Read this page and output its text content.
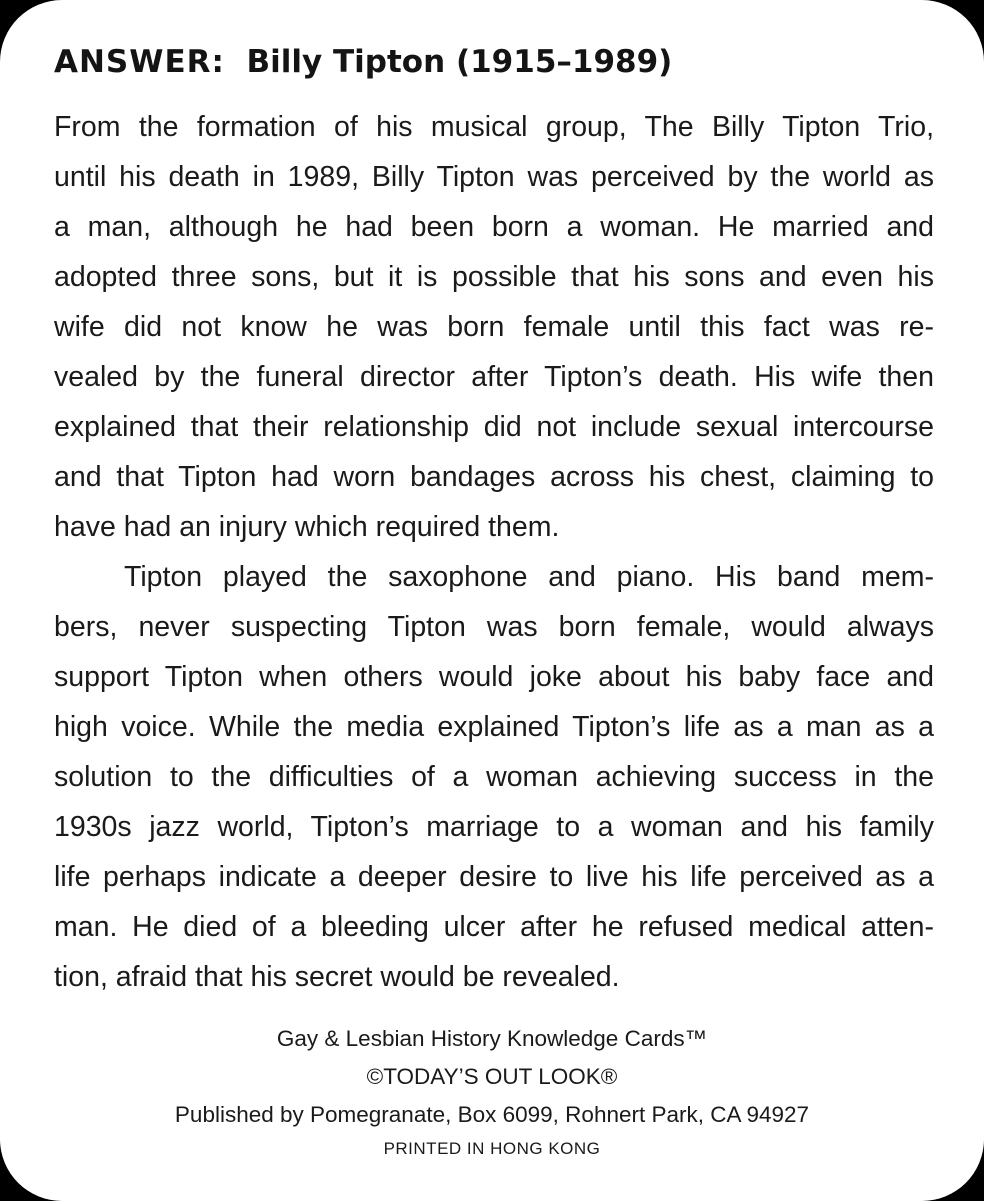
ANSWER: Billy Tipton (1915–1989)
From the formation of his musical group, The Billy Tipton Trio,
until his death in 1989, Billy Tipton was perceived by the world as
a man, although he had been born a woman. He married and
adopted three sons, but it is possible that his sons and even his
wife did not know he was born female until this fact was re-
vealed by the funeral director after Tipton’s death. His wife then
explained that their relationship did not include sexual intercourse
and that Tipton had worn bandages across his chest, claiming to
have had an injury which required them.
Tipton played the saxophone and piano. His band mem-
bers, never suspecting Tipton was born female, would always
support Tipton when others would joke about his baby face and
high voice. While the media explained Tipton’s life as a man as a
solution to the difficulties of a woman achieving success in the
1930s jazz world, Tipton’s marriage to a woman and his family
life perhaps indicate a deeper desire to live his life perceived as a
man. He died of a bleeding ulcer after he refused medical atten-
tion, afraid that his secret would be revealed.
Gay & Lesbian History Knowledge Cards™
©TODAY’S OUT LOOK®
Published by Pomegranate, Box 6099, Rohnert Park, CA 94927
PRINTED IN HONG KONG
